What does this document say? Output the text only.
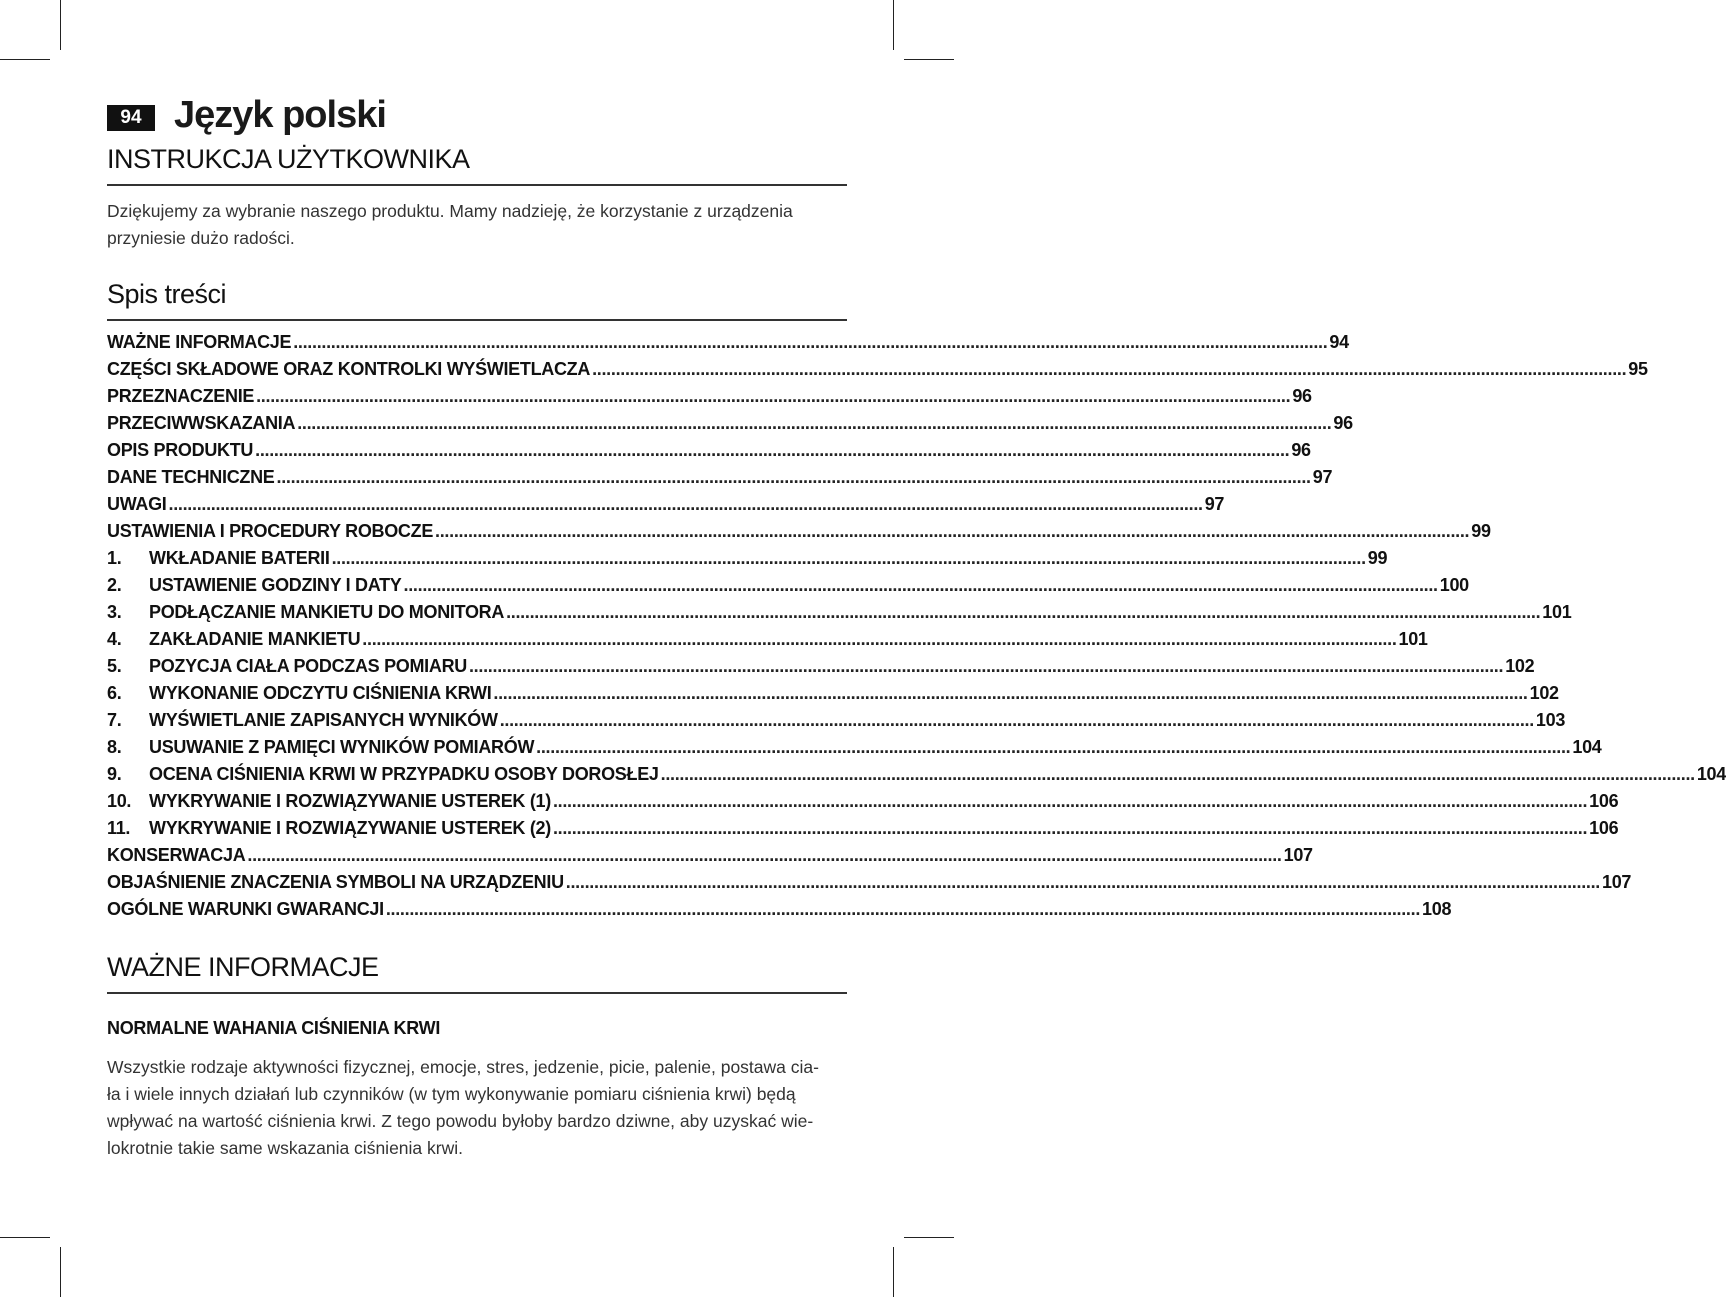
94 Język polski
INSTRUKCJA UŻYTKOWNIKA
Dziękujemy za wybranie naszego produktu. Mamy nadzieję, że korzystanie z urządzenia
przyniesie dużo radości.
Spis treści
WAŻNE INFORMACJE ............................................................................................................................................................................................................................ 94
CZĘŚCI SKŁADOWE ORAZ KONTROLKI WYŚWIETLACZA ............................................................................................................................................................................................................................ 95
PRZEZNACZENIE ............................................................................................................................................................................................................................ 96
PRZECIWWSKAZANIA ............................................................................................................................................................................................................................ 96
OPIS PRODUKTU ............................................................................................................................................................................................................................ 96
DANE TECHNICZNE ............................................................................................................................................................................................................................ 97
UWAGI ............................................................................................................................................................................................................................ 97
USTAWIENIA I PROCEDURY ROBOCZE ............................................................................................................................................................................................................................ 99
1.	WKŁADANIE BATERII ............................................................................................................................................................................................................................ 99
2.	USTAWIENIE GODZINY I DATY ............................................................................................................................................................................................................................ 100
3.	PODŁĄCZANIE MANKIETU DO MONITORA ............................................................................................................................................................................................................................ 101
4.	ZAKŁADANIE MANKIETU ............................................................................................................................................................................................................................ 101
5.	POZYCJA CIAŁA PODCZAS POMIARU ............................................................................................................................................................................................................................ 102
6.	WYKONANIE ODCZYTU CIŚNIENIA KRWI ............................................................................................................................................................................................................................ 102
7.	WYŚWIETLANIE ZAPISANYCH WYNIKÓW ............................................................................................................................................................................................................................ 103
8.	USUWANIE Z PAMIĘCI WYNIKÓW POMIARÓW ............................................................................................................................................................................................................................ 104
9.	OCENA CIŚNIENIA KRWI W PRZYPADKU OSOBY DOROSŁEJ ............................................................................................................................................................................................................................ 104
10. WYKRYWANIE I ROZWIĄZYWANIE USTEREK (1) ............................................................................................................................................................................................................................ 106
11.	WYKRYWANIE I ROZWIĄZYWANIE USTEREK (2) ............................................................................................................................................................................................................................ 106
KONSERWACJA ............................................................................................................................................................................................................................ 107
OBJAŚNIENIE ZNACZENIA SYMBOLI NA URZĄDZENIU ............................................................................................................................................................................................................................ 107
OGÓLNE WARUNKI GWARANCJI ............................................................................................................................................................................................................................ 108
WAŻNE INFORMACJE
NORMALNE WAHANIA CIŚNIENIA KRWI
Wszystkie rodzaje aktywności fizycznej, emocje, stres, jedzenie, picie, palenie, postawa cia-
ła i wiele innych działań lub czynników (w tym wykonywanie pomiaru ciśnienia krwi) będą
wpływać na wartość ciśnienia krwi. Z tego powodu byłoby bardzo dziwne, aby uzyskać wie-
lokrotnie takie same wskazania ciśnienia krwi.
